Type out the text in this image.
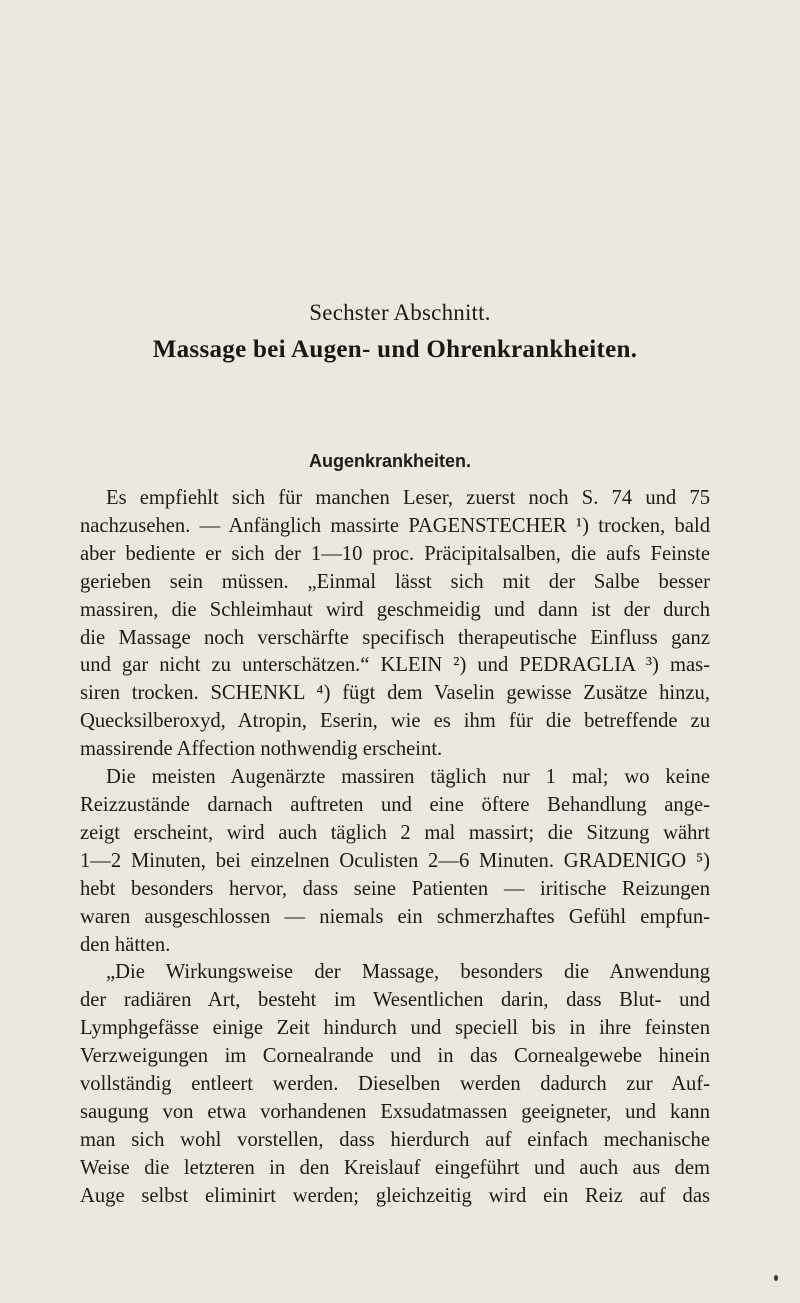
Sechster Abschnitt.
Massage bei Augen- und Ohrenkrankheiten.
Augenkrankheiten.
Es empfiehlt sich für manchen Leser, zuerst noch S. 74 und 75
nachzusehen. — Anfänglich massirte PAGENSTECHER ¹) trocken, bald
aber bediente er sich der 1—10 proc. Präcipitalsalben, die aufs Feinste
gerieben sein müssen. „Einmal lässt sich mit der Salbe besser
massiren, die Schleimhaut wird geschmeidig und dann ist der durch
die Massage noch verschärfte specifisch therapeutische Einfluss ganz
und gar nicht zu unterschätzen.“ KLEIN ²) und PEDRAGLIA ³) mas-
siren trocken. SCHENKL ⁴) fügt dem Vaselin gewisse Zusätze hinzu,
Quecksilberoxyd, Atropin, Eserin, wie es ihm für die betreffende zu
massirende Affection nothwendig erscheint.
Die meisten Augenärzte massiren täglich nur 1 mal; wo keine
Reizzustände darnach auftreten und eine öftere Behandlung ange-
zeigt erscheint, wird auch täglich 2 mal massirt; die Sitzung währt
1—2 Minuten, bei einzelnen Oculisten 2—6 Minuten. GRADENIGO ⁵)
hebt besonders hervor, dass seine Patienten — iritische Reizungen
waren ausgeschlossen — niemals ein schmerzhaftes Gefühl empfun-
den hätten.
„Die Wirkungsweise der Massage, besonders die Anwendung
der radiären Art, besteht im Wesentlichen darin, dass Blut- und
Lymphgefässe einige Zeit hindurch und speciell bis in ihre feinsten
Verzweigungen im Cornealrande und in das Cornealgewebe hinein
vollständig entleert werden. Dieselben werden dadurch zur Auf-
saugung von etwa vorhandenen Exsudatmassen geeigneter, und kann
man sich wohl vorstellen, dass hierdurch auf einfach mechanische
Weise die letzteren in den Kreislauf eingeführt und auch aus dem
Auge selbst eliminirt werden; gleichzeitig wird ein Reiz auf das
